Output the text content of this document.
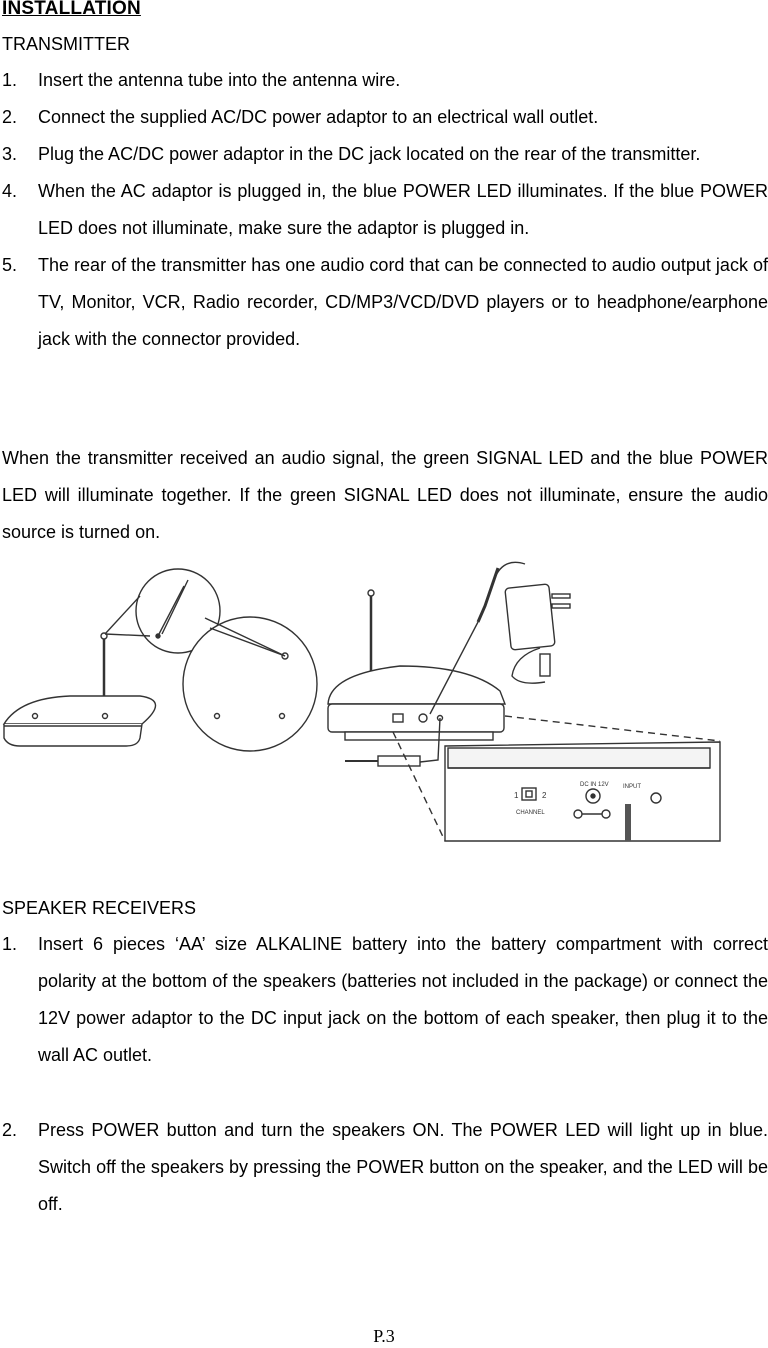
INSTALLATION
TRANSMITTER
1. Insert the antenna tube into the antenna wire.
2. Connect the supplied AC/DC power adaptor to an electrical wall outlet.
3. Plug the AC/DC power adaptor in the DC jack located on the rear of the transmitter.
4. When the AC adaptor is plugged in, the blue POWER LED illuminates. If the blue POWER LED does not illuminate, make sure the adaptor is plugged in.
5. The rear of the transmitter has one audio cord that can be connected to audio output jack of TV, Monitor, VCR, Radio recorder, CD/MP3/VCD/DVD players or to headphone/earphone jack with the connector provided.

When the transmitter received an audio signal, the green SIGNAL LED and the blue POWER LED will illuminate together. If the green SIGNAL LED does not illuminate, ensure the audio source is turned on.

1	2
CHANNEL
DC IN 12V INPUT
SPEAKER RECEIVERS
1. Insert 6 pieces ‘AA’ size ALKALINE battery into the battery compartment with correct polarity at the bottom of the speakers (batteries not included in the package) or connect the 12V power adaptor to the DC input jack on the bottom of each speaker, then plug it to the wall AC outlet.
2. Press POWER button and turn the speakers ON. The POWER LED will light up in blue. Switch off the speakers by pressing the POWER button on the speaker, and the LED will be off.
P.3
